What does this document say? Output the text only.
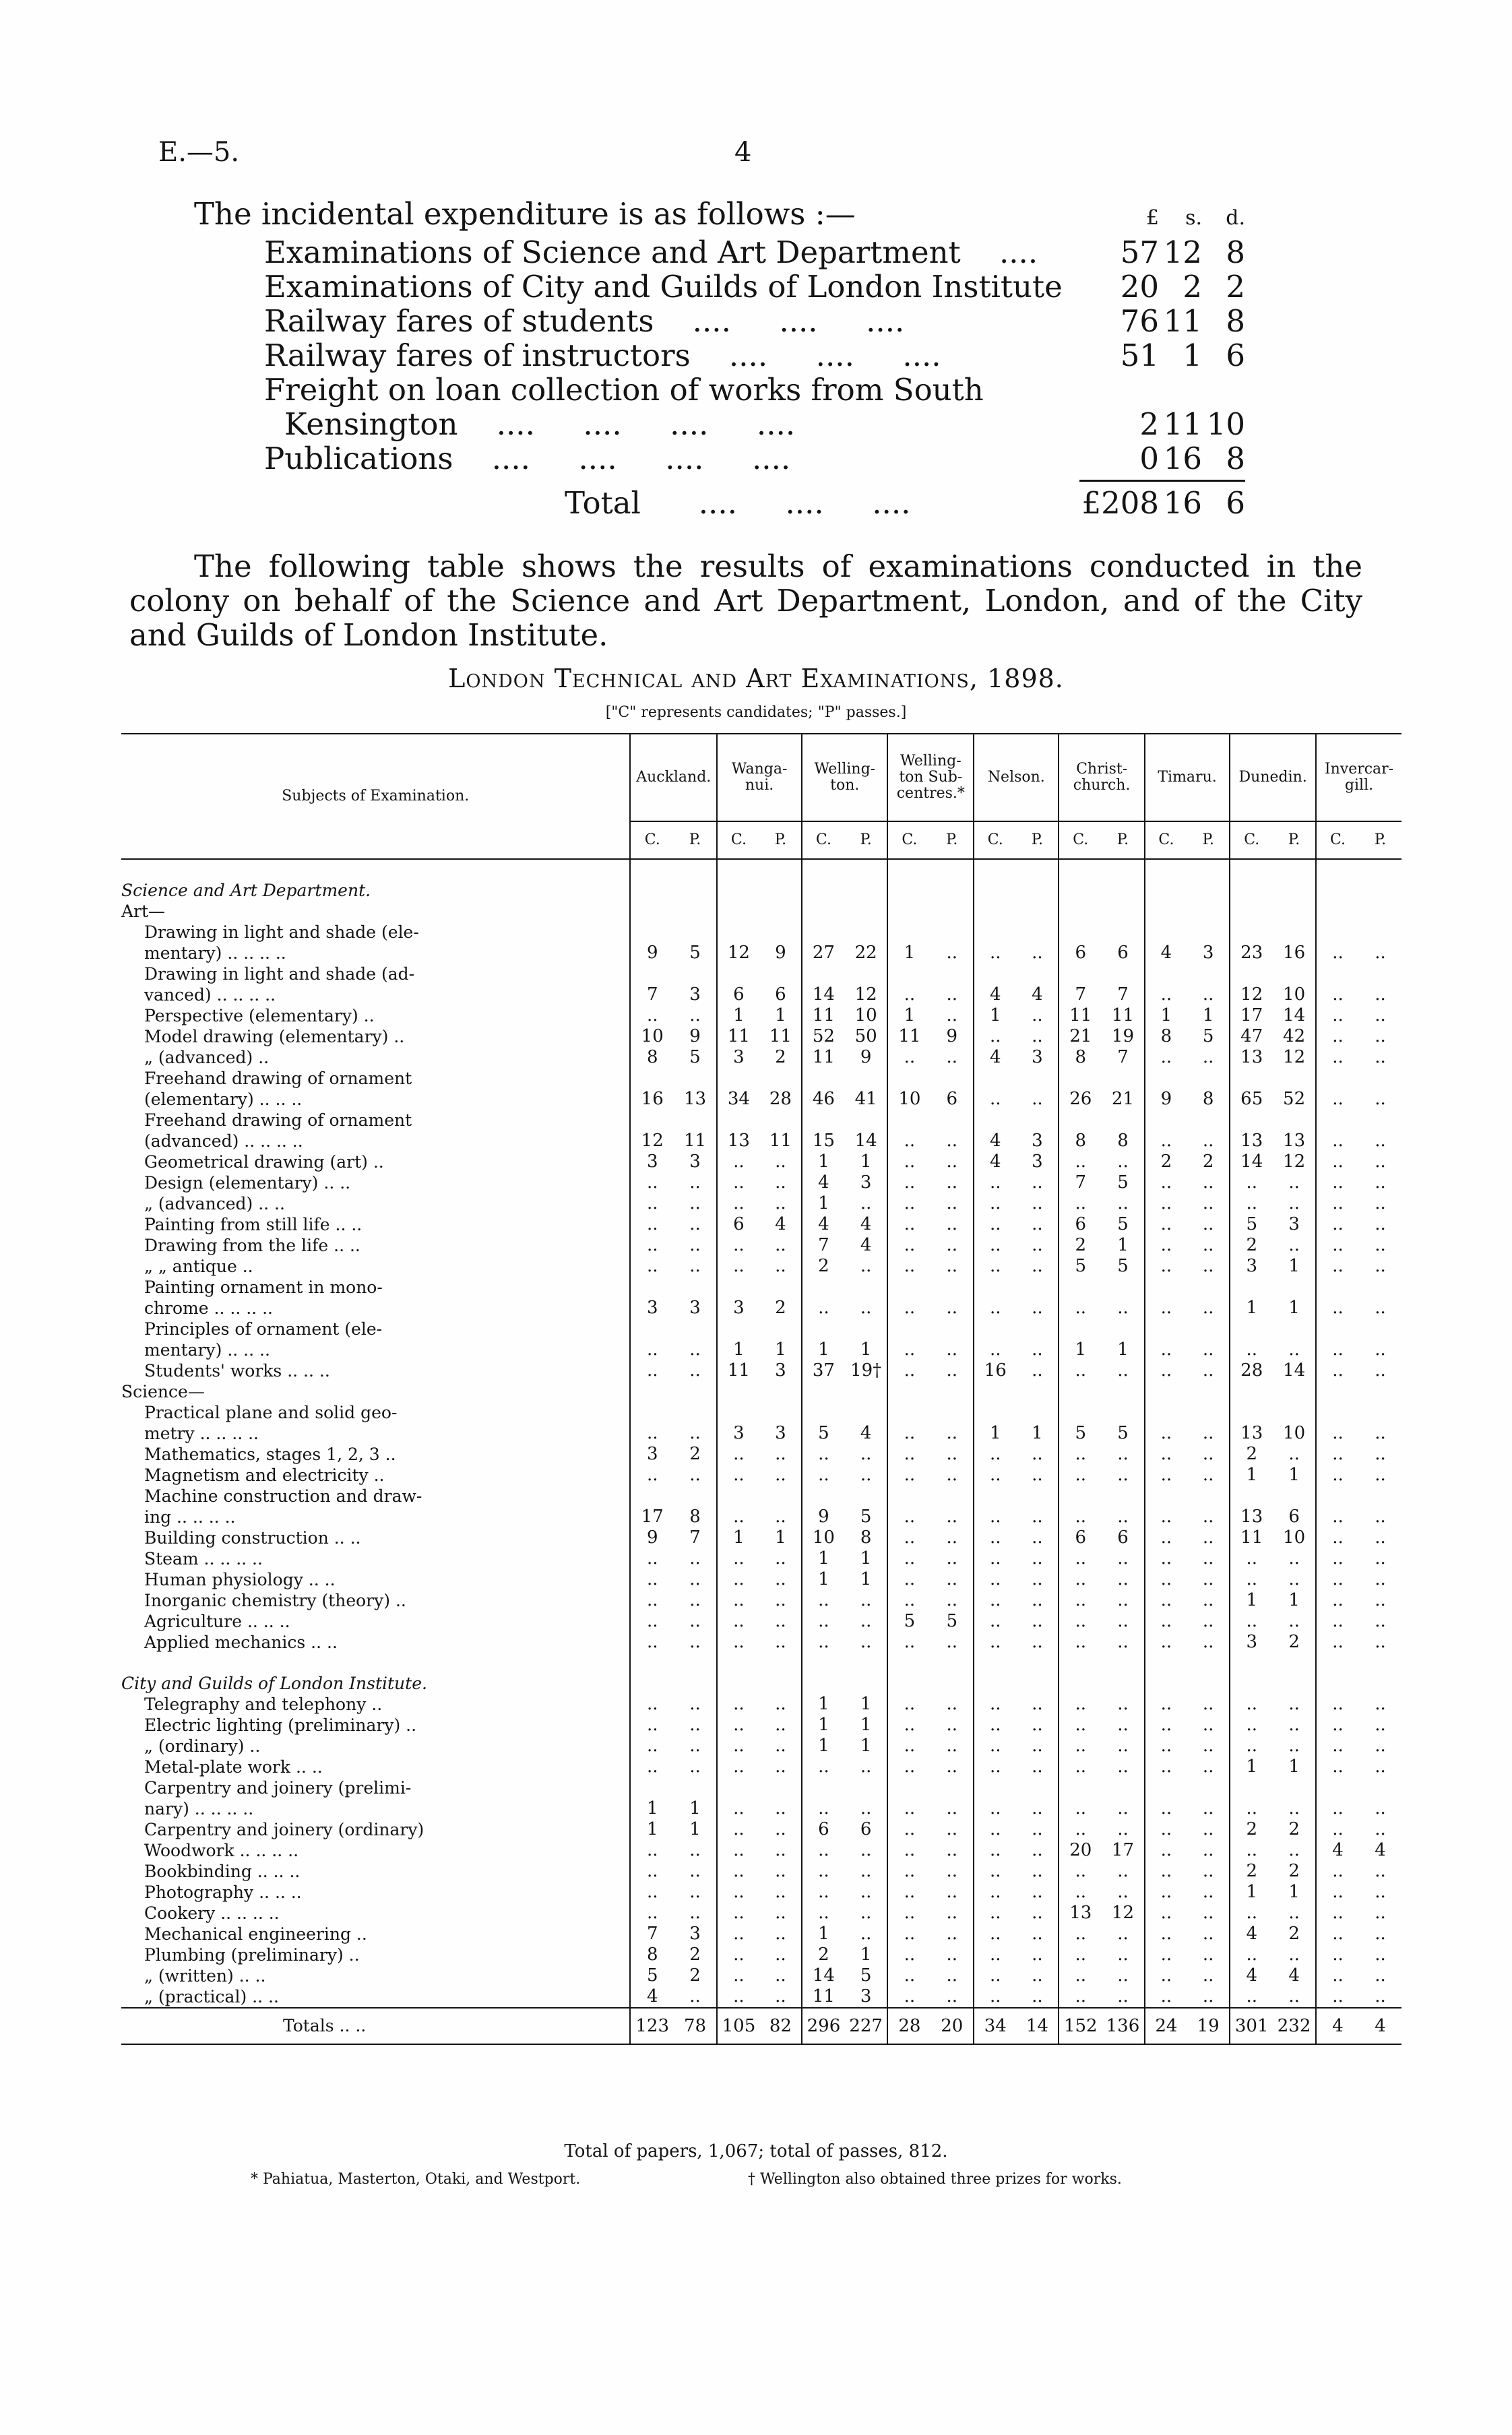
E.—5.	4
The incidental expenditure is as follows :—	£	s.	d.
Examinations of Science and Art Department ....	57 12 8
Examinations of City and Guilds of London Institute	20 2 2
Railway fares of students ....     ....     ....	76 11 8
Railway fares of instructors ....     ....     ....	51 1 6
Freight on loan collection of works from South
Kensington ....     ....     ....     ....	2 11 10
Publications ....     ....     ....     ....	0 16 8
Total ....     ....     ....	£208 16 6
The following table shows the results of examinations conducted in the colony on behalf of the Science and Art Department, London, and of the City and Guilds of London Institute.
London Technical and Art Examinations, 1898.
["C" represents candidates; "P" passes.]
Subjects of Examination.	Auckland.		Wanga-nui.		Welling-ton.		Welling-ton Sub-centres.*		Nelson.		Christ-church.		Timaru.		Dunedin.		Invercar-gill.	
	C.	P.	C.	P.	C.	P.	C.	P.	C.	P.	C.	P.	C.	P.	C.	P.	C.	P.

Science and Art Department.																		
Art—																		
Drawing in light and shade (ele-																		
mentary) .. .. .. ..	9	5	12	9	27	22	1	..	..	..	6	6	4	3	23	16	..	..
Drawing in light and shade (ad-																		
vanced) .. .. .. ..	7	3	6	6	14	12	..	..	4	4	7	7	..	..	12	10	..	..
Perspective (elementary) ..	..	..	1	1	11	10	1	..	1	..	11	11	1	1	17	14	..	..
Model drawing (elementary) ..	10	9	11	11	52	50	11	9	..	..	21	19	8	5	47	42	..	..
„ (advanced) ..	8	5	3	2	11	9	..	..	4	3	8	7	..	..	13	12	..	..
Freehand drawing of ornament																		
(elementary) .. .. ..	16	13	34	28	46	41	10	6	..	..	26	21	9	8	65	52	..	..
Freehand drawing of ornament																		
(advanced) .. .. .. ..	12	11	13	11	15	14	..	..	4	3	8	8	..	..	13	13	..	..
Geometrical drawing (art) ..	3	3	..	..	1	1	..	..	4	3	..	..	2	2	14	12	..	..
Design (elementary) .. ..	..	..	..	..	4	3	..	..	..	..	7	5	..	..	..	..	..	..
„ (advanced) .. ..	..	..	..	..	1	..	..	..	..	..	..	..	..	..	..	..	..	..
Painting from still life .. ..	..	..	6	4	4	4	..	..	..	..	6	5	..	..	5	3	..	..
Drawing from the life .. ..	..	..	..	..	7	4	..	..	..	..	2	1	..	..	2	..	..	..
„ „ antique ..	..	..	..	..	2	..	..	..	..	..	5	5	..	..	3	1	..	..
Painting ornament in mono-																		
chrome .. .. .. ..	3	3	3	2	..	..	..	..	..	..	..	..	..	..	1	1	..	..
Principles of ornament (ele-																		
mentary) .. .. ..	..	..	1	1	1	1	..	..	..	..	1	1	..	..	..	..	..	..
Students' works .. .. ..	..	..	11	3	37	19†	..	..	16	..	..	..	..	..	28	14	..	..
Science—																		
Practical plane and solid geo-																		
metry .. .. .. ..	..	..	3	3	5	4	..	..	1	1	5	5	..	..	13	10	..	..
Mathematics, stages 1, 2, 3 ..	3	2	..	..	..	..	..	..	..	..	..	..	..	..	2	..	..	..
Magnetism and electricity ..	..	..	..	..	..	..	..	..	..	..	..	..	..	..	1	1	..	..
Machine construction and draw-																		
ing .. .. .. ..	17	8	..	..	9	5	..	..	..	..	..	..	..	..	13	6	..	..
Building construction .. ..	9	7	1	1	10	8	..	..	..	..	6	6	..	..	11	10	..	..
Steam .. .. .. ..	..	..	..	..	1	1	..	..	..	..	..	..	..	..	..	..	..	..
Human physiology .. ..	..	..	..	..	1	1	..	..	..	..	..	..	..	..	..	..	..	..
Inorganic chemistry (theory) ..	..	..	..	..	..	..	..	..	..	..	..	..	..	..	1	1	..	..
Agriculture .. .. ..	..	..	..	..	..	..	5	5	..	..	..	..	..	..	..	..	..	..
Applied mechanics .. ..	..	..	..	..	..	..	..	..	..	..	..	..	..	..	3	2	..	..

City and Guilds of London Institute.																		
Telegraphy and telephony ..	..	..	..	..	1	1	..	..	..	..	..	..	..	..	..	..	..	..
Electric lighting (preliminary) ..	..	..	..	..	1	1	..	..	..	..	..	..	..	..	..	..	..	..
„ (ordinary) ..	..	..	..	..	1	1	..	..	..	..	..	..	..	..	..	..	..	..
Metal-plate work .. ..	..	..	..	..	..	..	..	..	..	..	..	..	..	..	1	1	..	..
Carpentry and joinery (prelimi-																		
nary) .. .. .. ..	1	1	..	..	..	..	..	..	..	..	..	..	..	..	..	..	..	..
Carpentry and joinery (ordinary)	1	1	..	..	6	6	..	..	..	..	..	..	..	..	2	2	..	..
Woodwork .. .. .. ..	..	..	..	..	..	..	..	..	..	..	20	17	..	..	..	..	4	4
Bookbinding .. .. ..	..	..	..	..	..	..	..	..	..	..	..	..	..	..	2	2	..	..
Photography .. .. ..	..	..	..	..	..	..	..	..	..	..	..	..	..	..	1	1	..	..
Cookery .. .. .. ..	..	..	..	..	..	..	..	..	..	..	13	12	..	..	..	..	..	..
Mechanical engineering ..	7	3	..	..	1	..	..	..	..	..	..	..	..	..	4	2	..	..
Plumbing (preliminary) ..	8	2	..	..	2	1	..	..	..	..	..	..	..	..	..	..	..	..
„ (written) .. ..	5	2	..	..	14	5	..	..	..	..	..	..	..	..	4	4	..	..
„ (practical) .. ..	4	..	..	..	11	3	..	..	..	..	..	..	..	..	..	..	..	..
Totals .. ..	123	78	105	82	296	227	28	20	34	14	152	136	24	19	301	232	4	4
Total of papers, 1,067; total of passes, 812.
* Pahiatua, Masterton, Otaki, and Westport.	† Wellington also obtained three prizes for works.
